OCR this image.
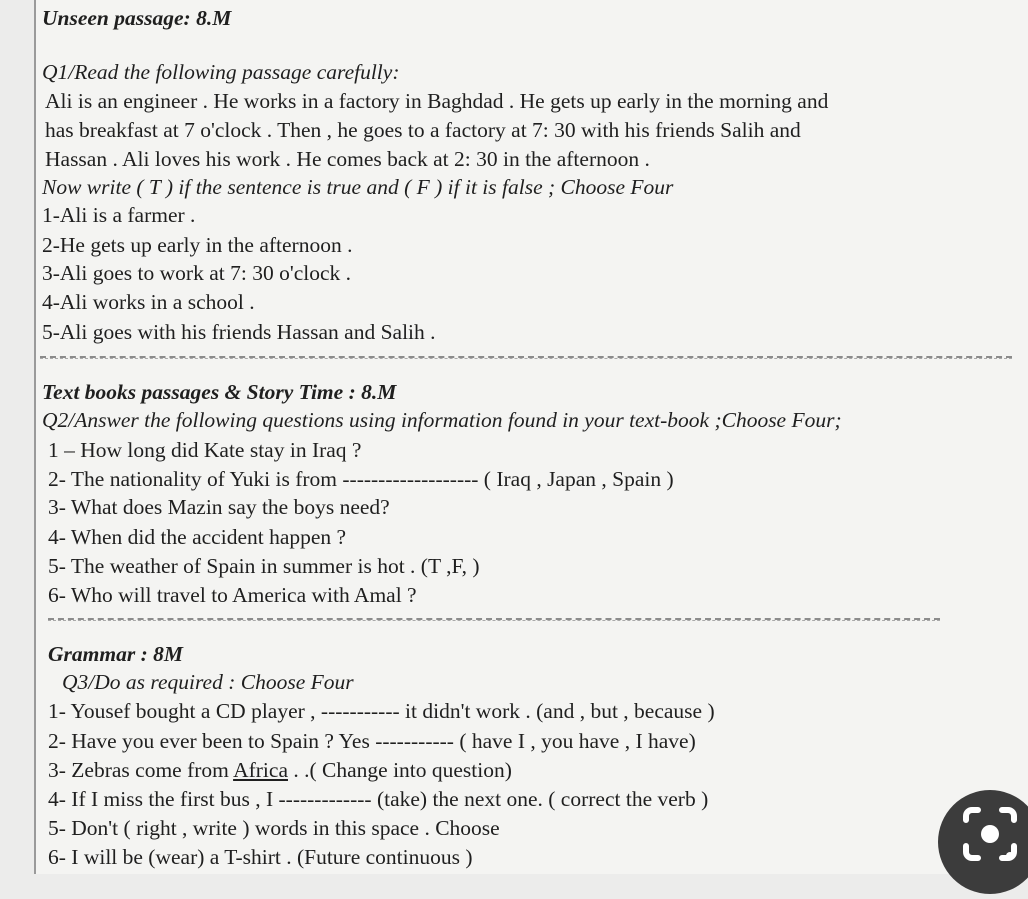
Unseen passage: 8.M
Q1/Read the following passage carefully:
Ali is an engineer . He works in a factory in Baghdad . He gets up early in the morning and
has breakfast at 7 o'clock . Then , he goes to a factory at 7: 30 with his friends Salih and
Hassan . Ali loves his work . He comes back at 2: 30 in the afternoon .
Now write ( T ) if the sentence is true and ( F ) if it is false ; Choose Four
1-Ali is a farmer .
2-He gets up early in the afternoon .
3-Ali goes to work at 7: 30 o'clock .
4-Ali works in a school .
5-Ali goes with his friends Hassan and Salih .
Text books passages & Story Time : 8.M
Q2/Answer the following questions using information found in your text-book ;Choose Four;
1 – How long did Kate stay in Iraq ?
2- The nationality of Yuki is from ------------------- ( Iraq , Japan , Spain )
3- What does Mazin say the boys need?
4- When did the accident happen ?
5- The weather of Spain in summer is hot . (T ,F, )
6- Who will travel to America with Amal ?
Grammar : 8M
Q3/Do as required : Choose Four
1- Yousef bought a CD player , ----------- it didn't work . (and , but , because )
2- Have you ever been to Spain ? Yes ----------- ( have I , you have , I have)
3- Zebras come from Africa . .( Change into question)
4- If I miss the first bus , I ------------- (take) the next one. ( correct the verb )
5- Don't ( right , write ) words in this space . Choose
6- I will be (wear) a T-shirt . (Future continuous )
